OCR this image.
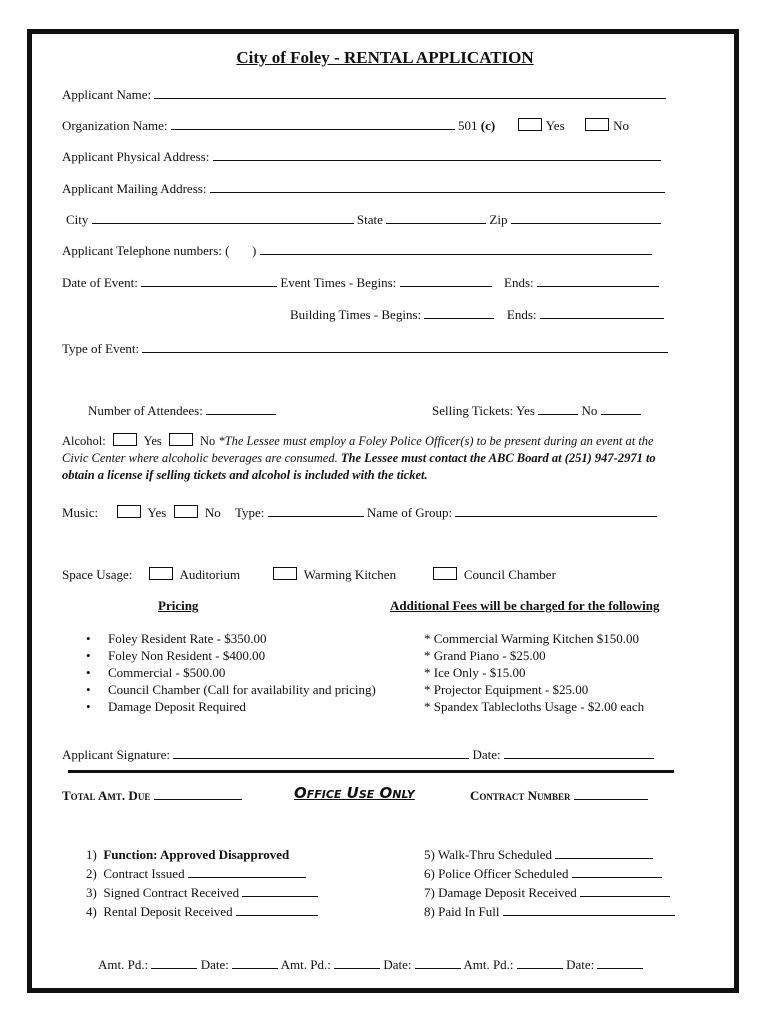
City of Foley - RENTAL APPLICATION
Applicant Name:
Organization Name:	501 (c)	Yes	No
Applicant Physical Address:
Applicant Mailing Address:
City	State	Zip
Applicant Telephone numbers: ( )
Date of Event:	Event Times - Begins:	Ends:
Building Times - Begins:	Ends:
Type of Event:
Number of Attendees:	Selling Tickets: Yes	No
Alcohol:	Yes	No *The Lessee must employ a Foley Police Officer(s) to be present during an event at the Civic Center where alcoholic beverages are consumed. The Lessee must contact the ABC Board at (251) 947-2971 to obtain a license if selling tickets and alcohol is included with the ticket.
Music:	Yes	No Type:	Name of Group:
Space Usage:	Auditorium	Warming Kitchen	Council Chamber
Pricing	Additional Fees will be charged for the following
• Foley Resident Rate - $350.00
• Foley Non Resident - $400.00
• Commercial - $500.00
• Council Chamber (Call for availability and pricing)
• Damage Deposit Required
* Commercial Warming Kitchen $150.00
* Grand Piano - $25.00
* Ice Only - $15.00
* Projector Equipment - $25.00
* Spandex Tablecloths Usage - $2.00 each
Applicant Signature:	Date:
Total Amt. Due	Office Use Only	Contract Number
1) Function: Approved Disapproved
2) Contract Issued
3) Signed Contract Received
4) Rental Deposit Received
5) Walk-Thru Scheduled
6) Police Officer Scheduled
7) Damage Deposit Received
8) Paid In Full
Amt. Pd.:	Date:	Amt. Pd.:	Date:	Amt. Pd.:	Date:
